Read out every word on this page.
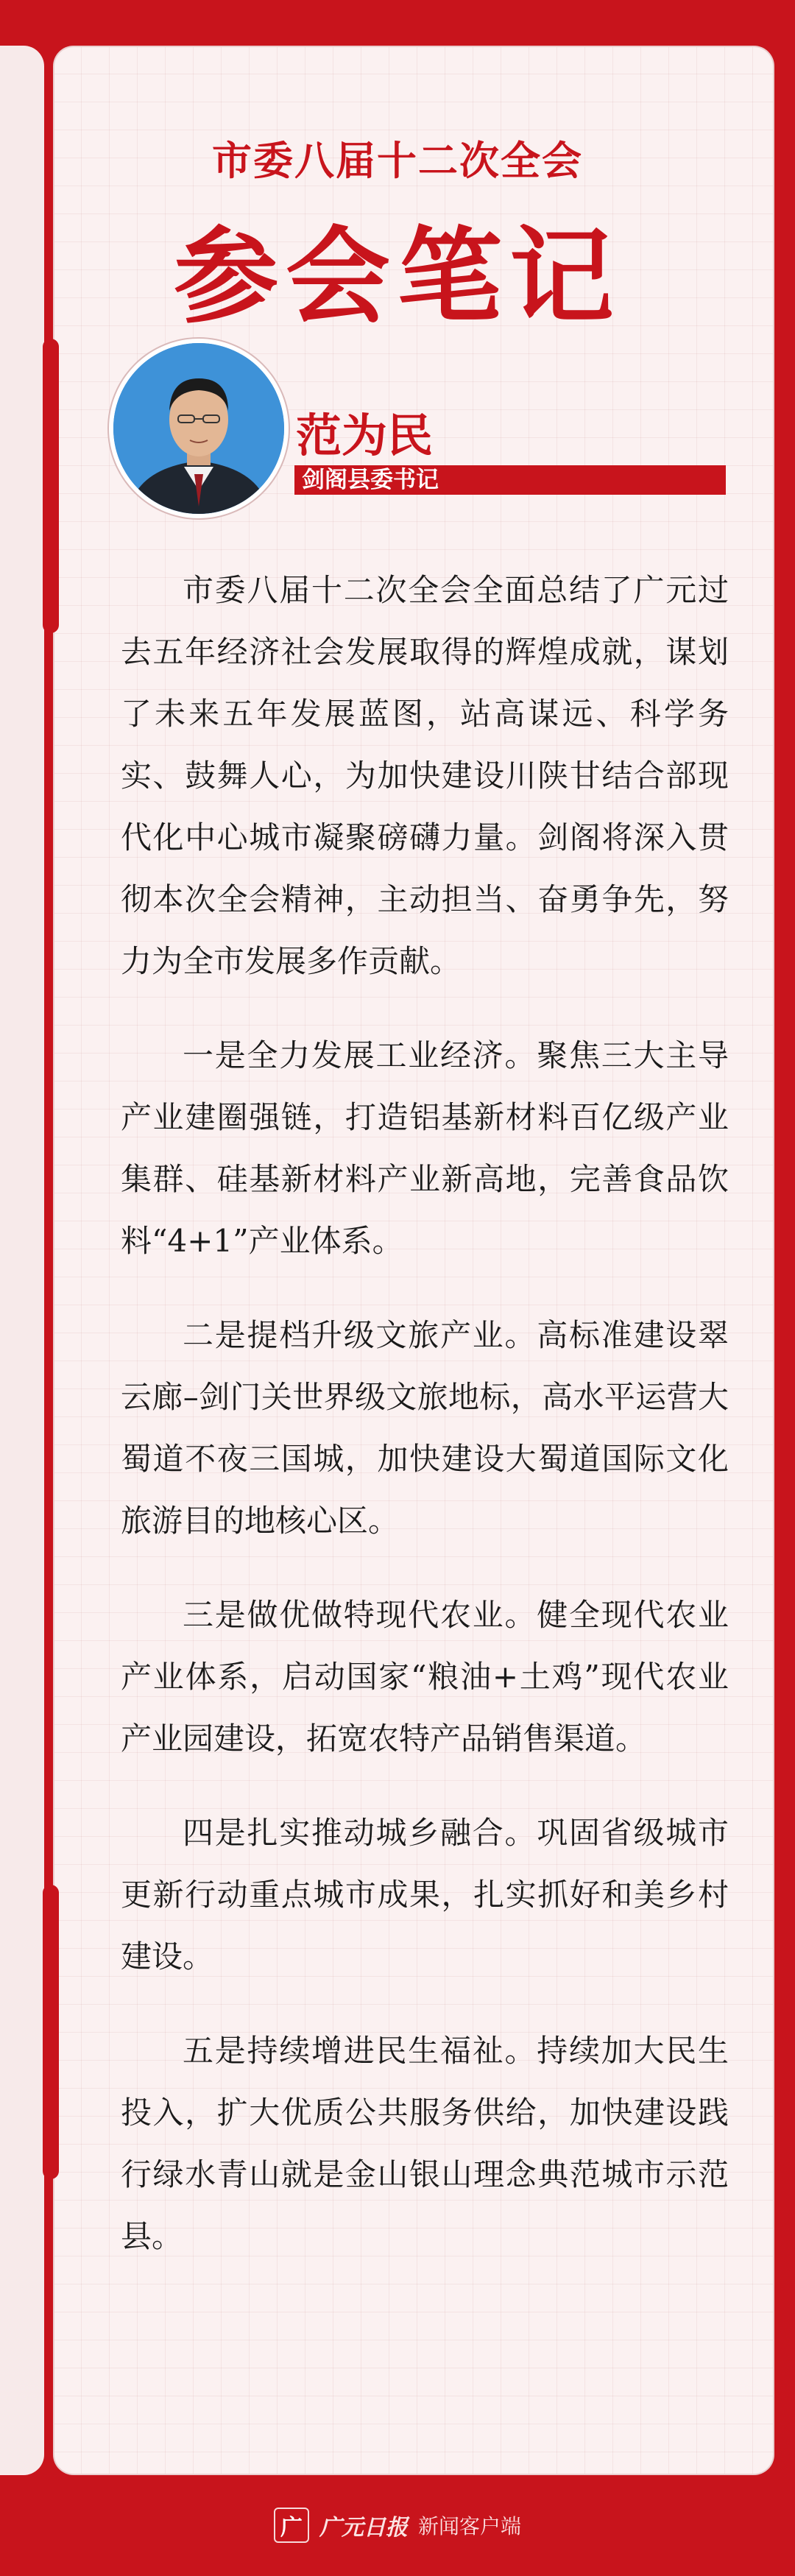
市委八届十二次全会
参会笔记
范为民
剑阁县委书记

市委八届十二次全会全面总结了广元过去五年经济社会发展取得的辉煌成就，谋划了未来五年发展蓝图，站高谋远、科学务实、鼓舞人心，为加快建设川陕甘结合部现代化中心城市凝聚磅礴力量。剑阁将深入贯彻本次全会精神，主动担当、奋勇争先，努力为全市发展多作贡献。

一是全力发展工业经济。聚焦三大主导产业建圈强链，打造铝基新材料百亿级产业集群、硅基新材料产业新高地，完善食品饮料“4+1”产业体系。

二是提档升级文旅产业。高标准建设翠云廊–剑门关世界级文旅地标，高水平运营大蜀道不夜三国城，加快建设大蜀道国际文化旅游目的地核心区。

三是做优做特现代农业。健全现代农业产业体系，启动国家“粮油+土鸡”现代农业产业园建设，拓宽农特产品销售渠道。

四是扎实推动城乡融合。巩固省级城市更新行动重点城市成果，扎实抓好和美乡村建设。

五是持续增进民生福祉。持续加大民生投入，扩大优质公共服务供给，加快建设践行绿水青山就是金山银山理念典范城市示范县。

广 广元日报 新闻客户端
